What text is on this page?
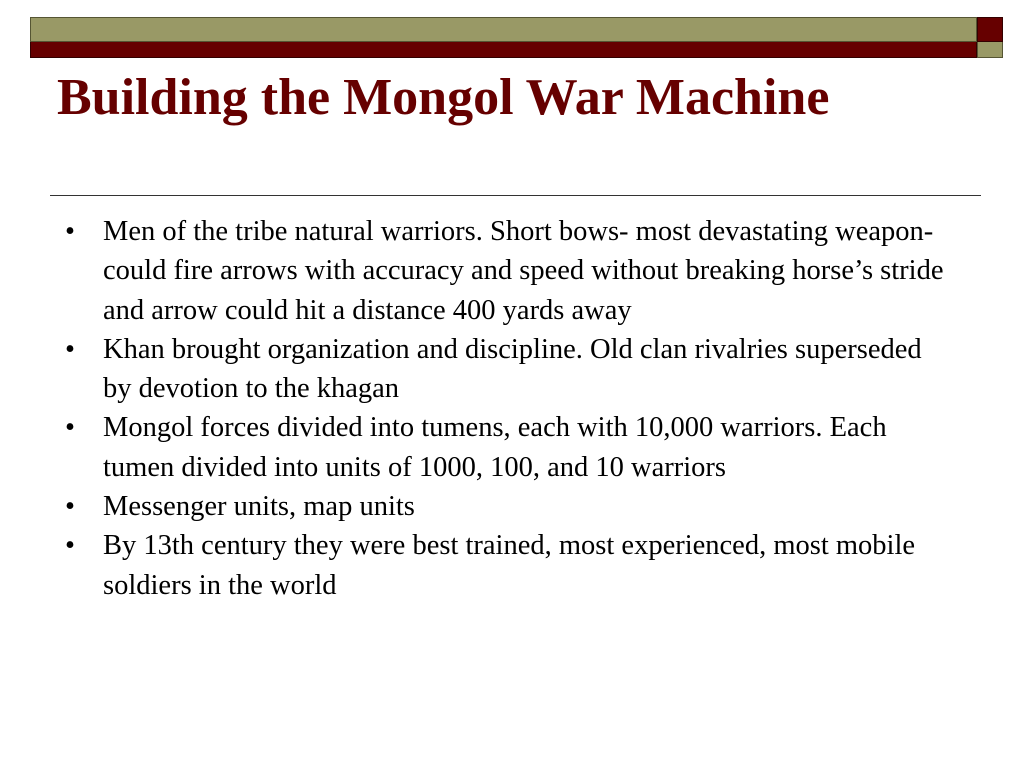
Building the Mongol War Machine
• Men of the tribe natural warriors. Short bows- most devastating weapon- could fire arrows with accuracy and speed without breaking horse’s stride and arrow could hit a distance 400 yards away
• Khan brought organization and discipline. Old clan rivalries superseded by devotion to the khagan
• Mongol forces divided into tumens, each with 10,000 warriors. Each tumen divided into units of 1000, 100, and 10 warriors
• Messenger units, map units
• By 13th century they were best trained, most experienced, most mobile soldiers in the world
